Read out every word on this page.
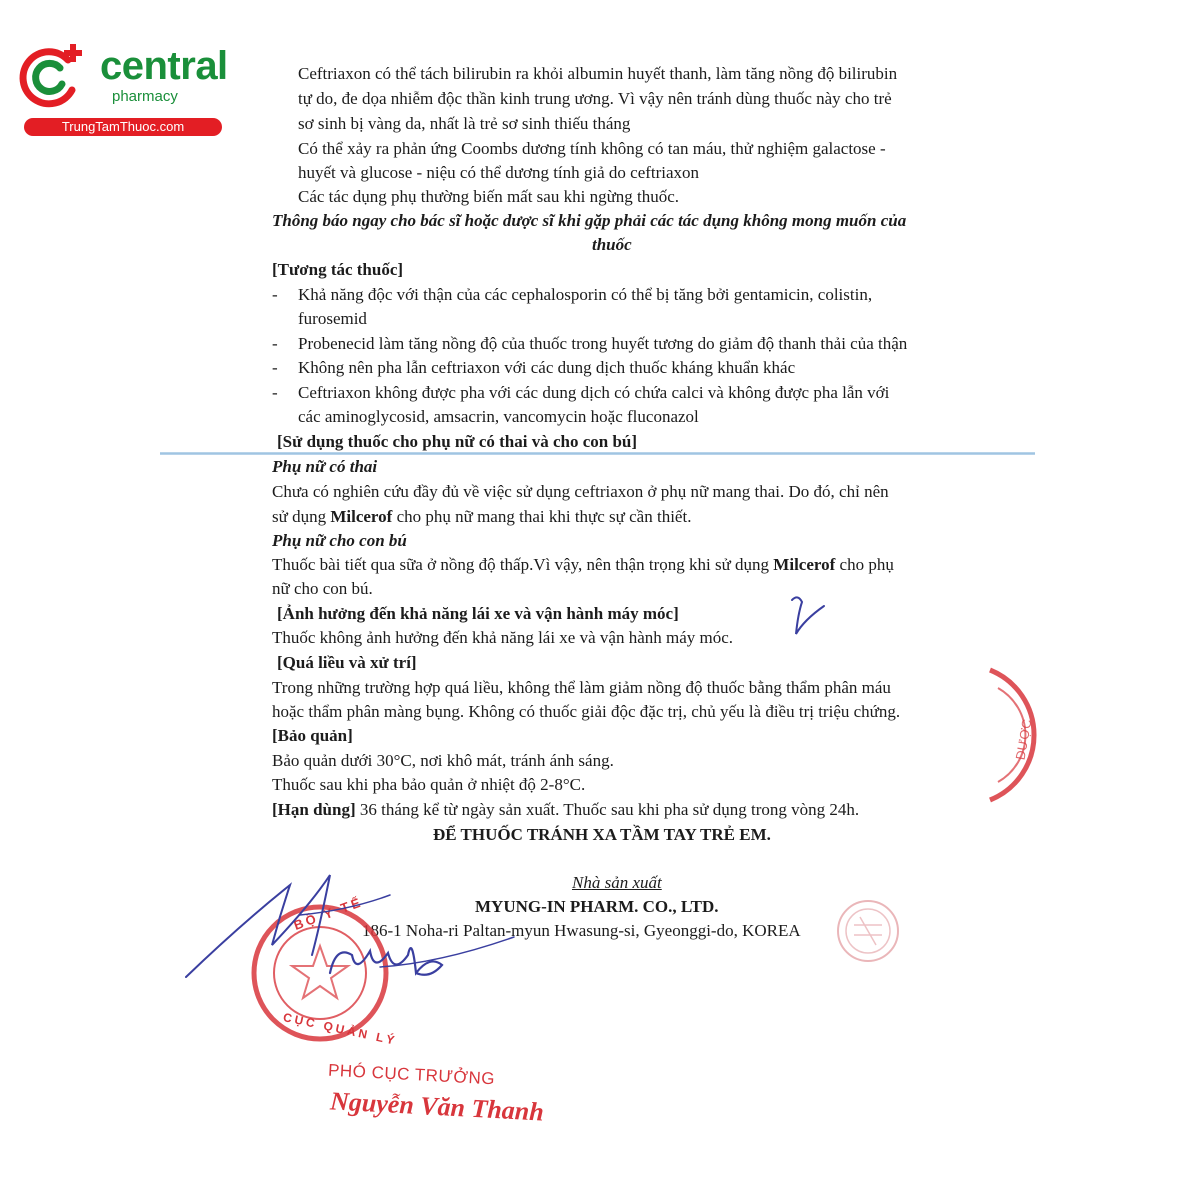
central
pharmacy
TrungTamThuoc.com
Ceftriaxon có thể tách bilirubin ra khỏi albumin huyết thanh, làm tăng nồng độ bilirubin
tự do, đe dọa nhiễm độc thần kinh trung ương. Vì vậy nên tránh dùng thuốc này cho trẻ
sơ sinh bị vàng da, nhất là trẻ sơ sinh thiếu tháng
Có thể xảy ra phản ứng Coombs dương tính không có tan máu, thử nghiệm galactose -
huyết và glucose - niệu có thể dương tính giả do ceftriaxon
Các tác dụng phụ thường biến mất sau khi ngừng thuốc.
Thông báo ngay cho bác sĩ hoặc dược sĩ khi gặp phải các tác dụng không mong muốn của
thuốc
[Tương tác thuốc]
- Khả năng độc với thận của các cephalosporin có thể bị tăng bởi gentamicin, colistin,
furosemid
- Probenecid làm tăng nồng độ của thuốc trong huyết tương do giảm độ thanh thải của thận
- Không nên pha lẫn ceftriaxon với các dung dịch thuốc kháng khuẩn khác
- Ceftriaxon không được pha với các dung dịch có chứa calci và không được pha lẫn với
các aminoglycosid, amsacrin, vancomycin hoặc fluconazol
[Sử dụng thuốc cho phụ nữ có thai và cho con bú]
Phụ nữ có thai
Chưa có nghiên cứu đầy đủ về việc sử dụng ceftriaxon ở phụ nữ mang thai. Do đó, chỉ nên
sử dụng Milcerof cho phụ nữ mang thai khi thực sự cần thiết.
Phụ nữ cho con bú
Thuốc bài tiết qua sữa ở nồng độ thấp.Vì vậy, nên thận trọng khi sử dụng Milcerof cho phụ
nữ cho con bú.
[Ảnh hưởng đến khả năng lái xe và vận hành máy móc]
Thuốc không ảnh hưởng đến khả năng lái xe và vận hành máy móc.
[Quá liều và xử trí]
Trong những trường hợp quá liều, không thể làm giảm nồng độ thuốc bằng thẩm phân máu
hoặc thẩm phân màng bụng. Không có thuốc giải độc đặc trị, chủ yếu là điều trị triệu chứng.
[Bảo quản]
Bảo quản dưới 30°C, nơi khô mát, tránh ánh sáng.
Thuốc sau khi pha bảo quản ở nhiệt độ 2-8°C.
[Hạn dùng] 36 tháng kể từ ngày sản xuất. Thuốc sau khi pha sử dụng trong vòng 24h.
ĐỂ THUỐC TRÁNH XA TẦM TAY TRẺ EM.
Nhà sản xuất
MYUNG-IN PHARM. CO., LTD.
186-1 Noha-ri Paltan-myun Hwasung-si, Gyeonggi-do, KOREA
DƯỢC
BỘ Y TẾ
CỤC QUẢN LÝ
PHÓ CỤC TRƯỞNG
Nguyễn Văn Thanh
